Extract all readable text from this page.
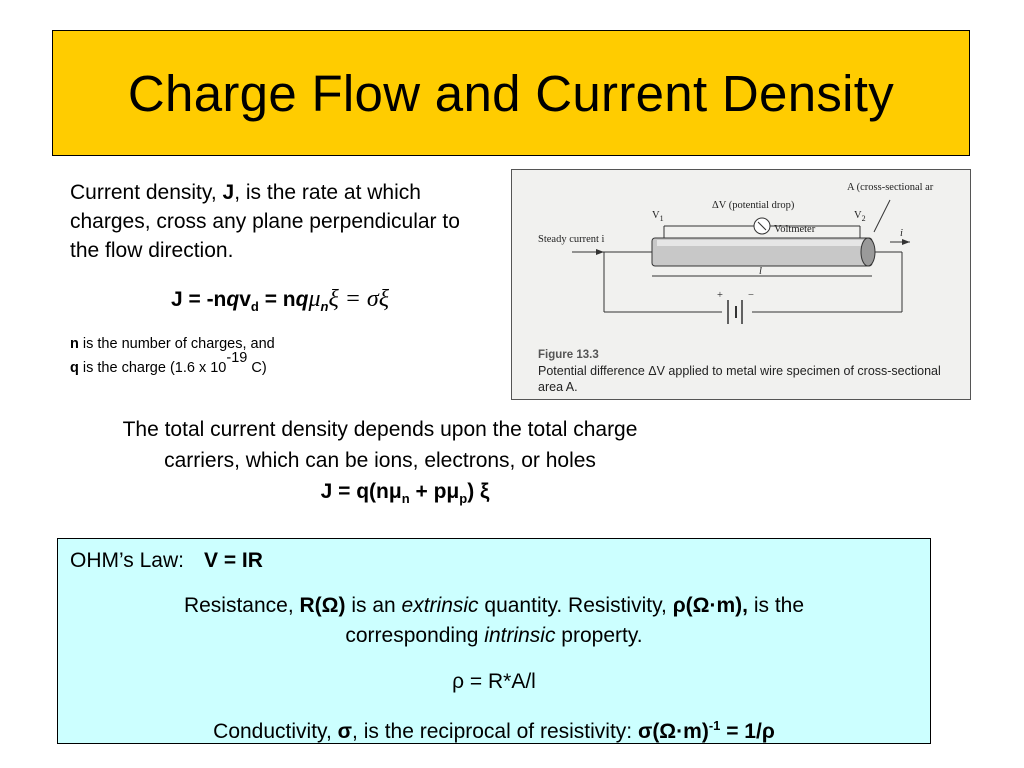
Charge Flow and Current Density
Current density, J, is the rate at which charges, cross any plane perpendicular to the flow direction.
J = -nqv$_d$ = nqμ$_n$ξ = σξ
n is the number of charges, and
q is the charge (1.6 x 10-19 C)
ΔV (potential drop)
A (cross-sectional ar
$V_1$	$V_2$
Voltmeter
Steady current i
i
l
+ −
Figure 13.3
Potential difference ΔV applied to metal wire specimen of cross-sectional area A.
The total current density depends upon the total charge
carriers, which can be ions, electrons, or holes
$J = q(n\mu_n + p\mu_p)$ ξ
OHM’s Law: V = IR
Resistance, R(Ω) is an extrinsic quantity. Resistivity, ρ(Ω·m), is the
corresponding intrinsic property.
ρ = R*A/l
Conductivity, σ, is the reciprocal of resistivity: $\sigma(\Omega\cdot m)^{-1} = 1/\rho$
